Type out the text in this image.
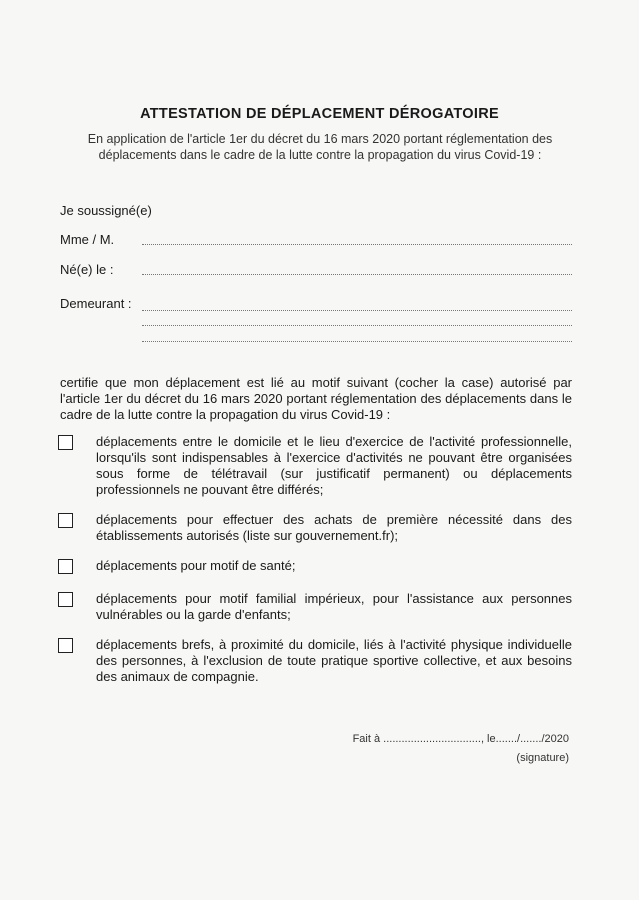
ATTESTATION DE DÉPLACEMENT DÉROGATOIRE
En application de l'article 1er du décret du 16 mars 2020 portant réglementation des
déplacements dans le cadre de la lutte contre la propagation du virus Covid-19 :
Je soussigné(e)
Mme / M.
Né(e) le :
Demeurant :
certifie que mon déplacement est lié au motif suivant (cocher la case) autorisé par l'article 1er du décret du 16 mars 2020 portant réglementation des déplacements dans le cadre de la lutte contre la propagation du virus Covid-19 :
déplacements entre le domicile et le lieu d'exercice de l'activité professionnelle, lorsqu'ils sont indispensables à l'exercice d'activités ne pouvant être organisées sous forme de télétravail (sur justificatif permanent) ou déplacements professionnels ne pouvant être différés;
déplacements pour effectuer des achats de première nécessité dans des établissements autorisés (liste sur gouvernement.fr);
déplacements pour motif de santé;
déplacements pour motif familial impérieux, pour l'assistance aux personnes vulnérables ou la garde d'enfants;
déplacements brefs, à proximité du domicile, liés à l'activité physique individuelle des personnes, à l'exclusion de toute pratique sportive collective, et aux besoins des animaux de compagnie.
Fait à ................................, le......./......./2020
(signature)
